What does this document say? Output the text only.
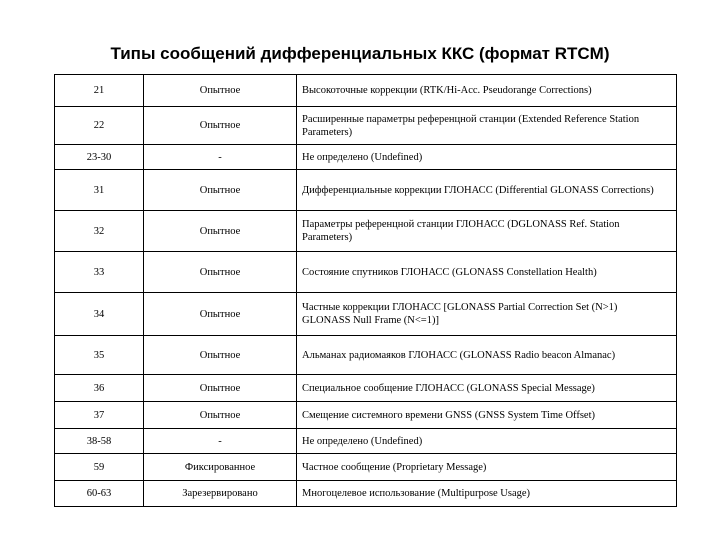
Типы сообщений дифференциальных ККС (формат RTCM)
21	Опытное	Высокоточные коррекции (RTK/Hi-Acc. Pseudorange Corrections)
22	Опытное	Расширенные параметры референцной станции (Extended Reference Station Parameters)
23-30	-	Не определено (Undefined)
31	Опытное	Дифференциальные коррекции ГЛОНАСС (Differential GLONASS Corrections)
32	Опытное	Параметры референцной станции ГЛОНАСС (DGLONASS Ref. Station Parameters)
33	Опытное	Состояние спутников ГЛОНАСС (GLONASS Constellation Health)
34	Опытное	Частные коррекции ГЛОНАСС [GLONASS Partial Correction Set (N>1) GLONASS Null Frame (N<=1)]
35	Опытное	Альманах радиомаяков ГЛОНАСС (GLONASS Radio beacon Almanac)
36	Опытное	Специальное сообщение ГЛОНАСС (GLONASS Special Message)
37	Опытное	Смещение системного времени GNSS (GNSS System Time Offset)
38-58	-	Не определено (Undefined)
59	Фиксированное	Частное сообщение (Proprietary Message)
60-63	Зарезервировано	Многоцелевое использование (Multipurpose Usage)
